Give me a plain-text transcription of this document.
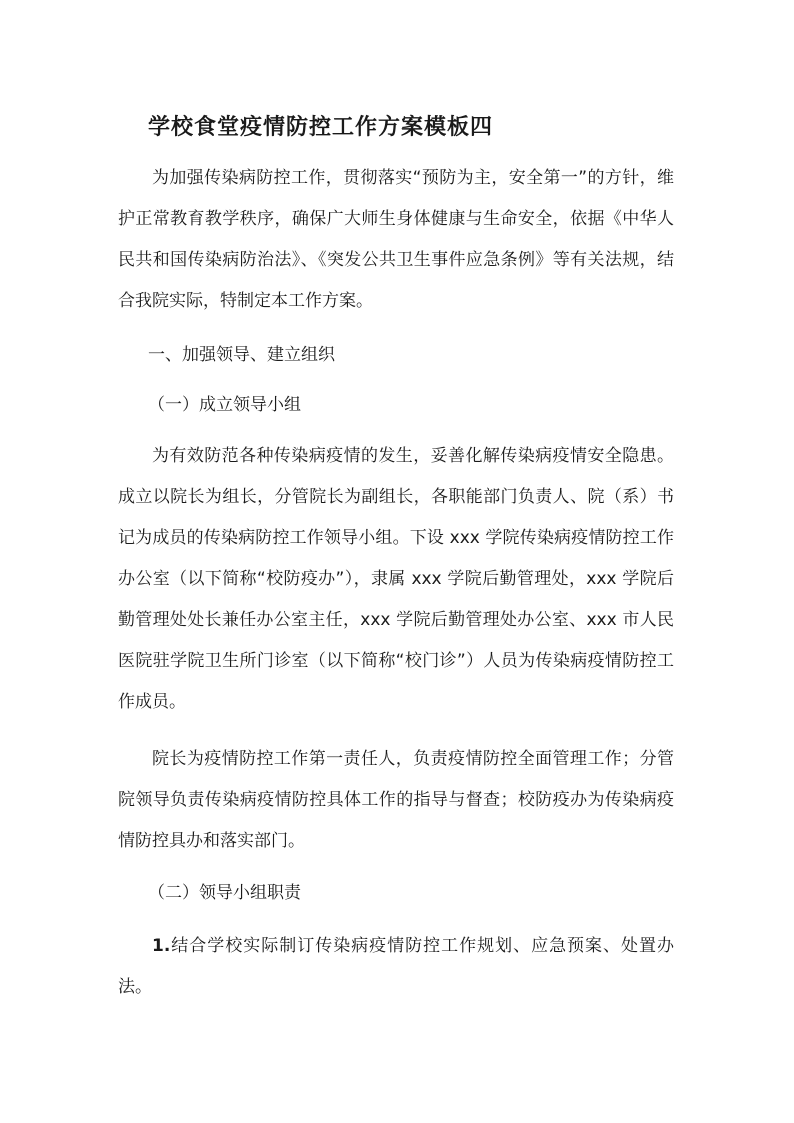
学校食堂疫情防控工作方案模板四

为加强传染病防控工作，贯彻落实“预防为主，安全第一”的方针，维护正常教育教学秩序，确保广大师生身体健康与生命安全，依据《中华人民共和国传染病防治法》、《突发公共卫生事件应急条例》等有关法规，结合我院实际，特制定本工作方案。

一、加强领导、建立组织

（一）成立领导小组

为有效防范各种传染病疫情的发生，妥善化解传染病疫情安全隐患。成立以院长为组长，分管院长为副组长，各职能部门负责人、院（系）书记为成员的传染病防控工作领导小组。下设 xxx 学院传染病疫情防控工作办公室（以下简称“校防疫办”），隶属 xxx 学院后勤管理处，xxx 学院后勤管理处处长兼任办公室主任，xxx 学院后勤管理处办公室、xxx 市人民医院驻学院卫生所门诊室（以下简称“校门诊”）人员为传染病疫情防控工作成员。

院长为疫情防控工作第一责任人，负责疫情防控全面管理工作；分管院领导负责传染病疫情防控具体工作的指导与督查；校防疫办为传染病疫情防控具办和落实部门。

（二）领导小组职责

1.结合学校实际制订传染病疫情防控工作规划、应急预案、处置办法。
